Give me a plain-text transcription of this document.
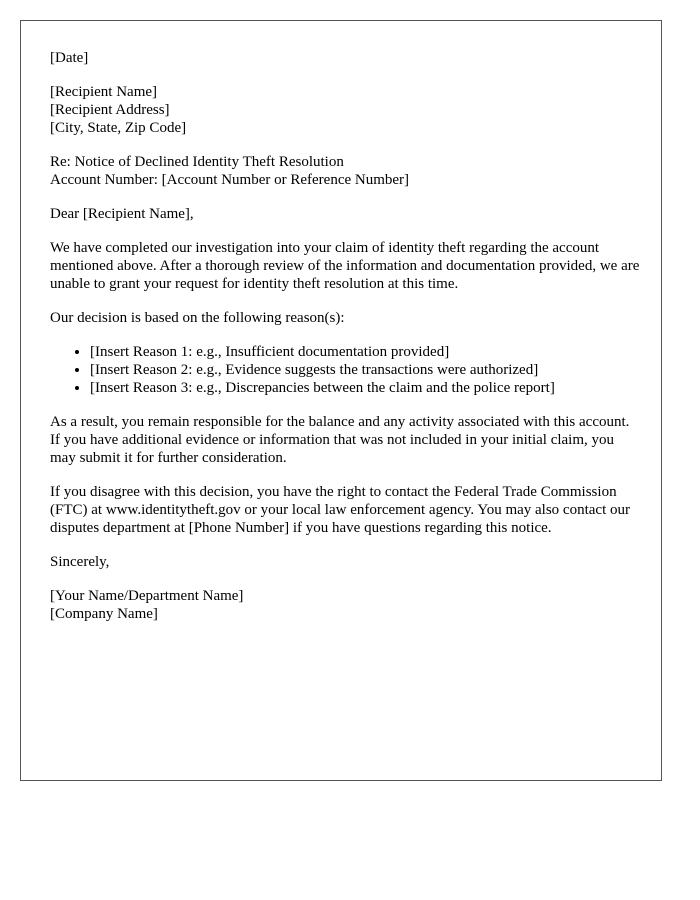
[Date]
[Recipient Name]
[Recipient Address]
[City, State, Zip Code]
Re: Notice of Declined Identity Theft Resolution
Account Number: [Account Number or Reference Number]

Dear [Recipient Name],

We have completed our investigation into your claim of identity theft regarding the account mentioned above. After a thorough review of the information and documentation provided, we are unable to grant your request for identity theft resolution at this time.

Our decision is based on the following reason(s):

• [Insert Reason 1: e.g., Insufficient documentation provided]
• [Insert Reason 2: e.g., Evidence suggests the transactions were authorized]
• [Insert Reason 3: e.g., Discrepancies between the claim and the police report]

As a result, you remain responsible for the balance and any activity associated with this account. If you have additional evidence or information that was not included in your initial claim, you may submit it for further consideration.

If you disagree with this decision, you have the right to contact the Federal Trade Commission (FTC) at www.identitytheft.gov or your local law enforcement agency. You may also contact our disputes department at [Phone Number] if you have questions regarding this notice.

Sincerely,

[Your Name/Department Name]
[Company Name]
